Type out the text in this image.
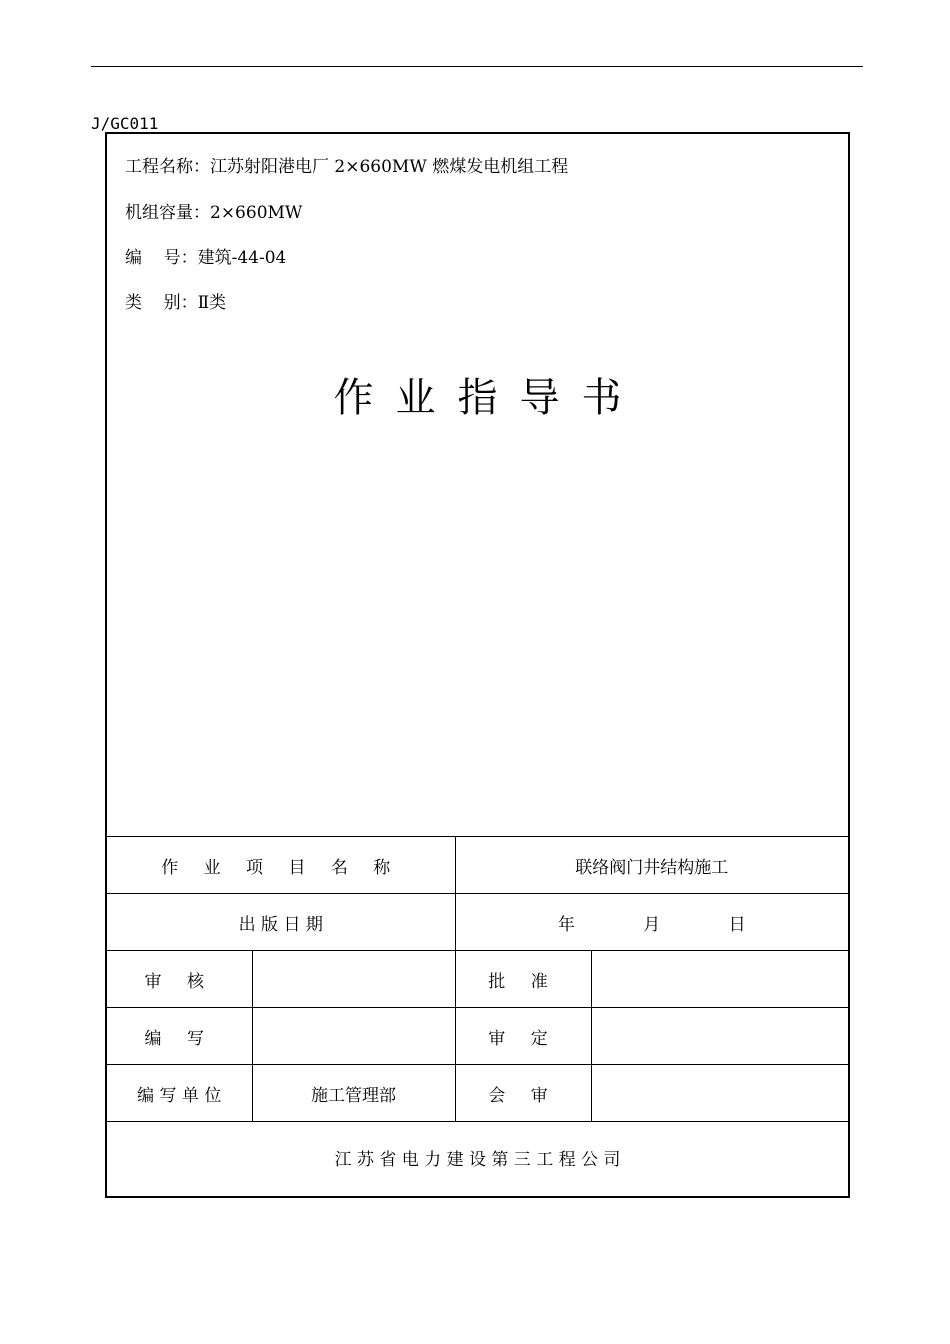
J/GC011
工程名称：江苏射阳港电厂 2×660MW 燃煤发电机组工程
机组容量：2×660MW
编    号：建筑-44-04
类    别：Ⅱ类
作业指导书
作 业 项 目 名 称		联络阀门井结构施工	
出 版 日 期		年 月 日	
审 核		批 准	
编 写		审 定	
编 写 单 位	施工管理部	会 审	
江 苏 省 电 力 建 设 第 三 工 程 公 司			
